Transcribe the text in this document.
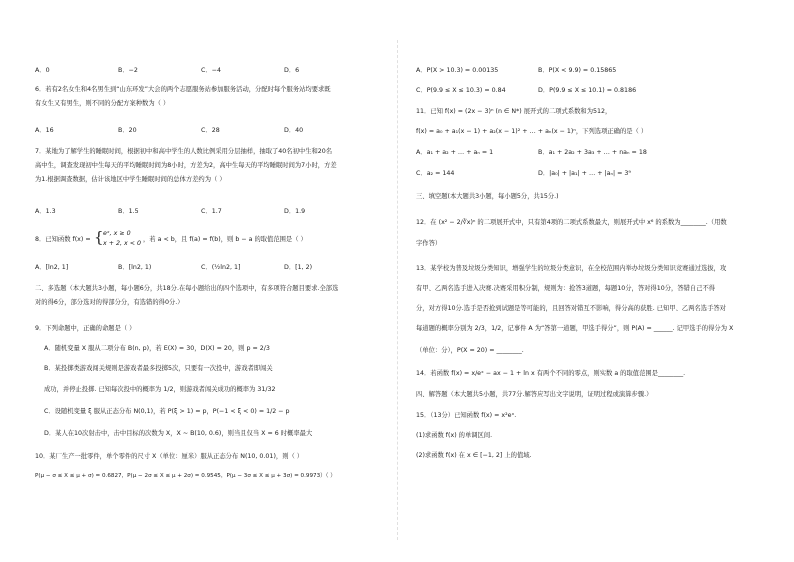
A．0	B．−2	C．−4	D．6
6．若有2名女生和4名男生到“山东环发”大会的两个志愿服务站参加服务活动，分配时每个服务站均要求既
有女生又有男生，则不同的分配方案种数为（ ）
A．16	B．20	C．28	D．40
7．某地为了解学生的睡眠时间，根据初中和高中学生的人数比例采用分层抽样，抽取了40名初中生和20名
高中生，调查发现初中生每天的平均睡眠时间为8小时，方差为2，高中生每天的平均睡眠时间为7小时，方差
为1.根据调查数据，估计该地区中学生睡眠时间的总体方差约为（ ）
A．1.3	B．1.5	C．1.7	D．1.9
8．已知函数 f(x) = { eˣ, x ≥ 0
x + 2, x < 0
，若 a < b，且 f(a) = f(b)，则 b − a 的取值范围是（ ）
A．[ln2, 1]	B．[ln2, 1)	C．(½ln2, 1]	D．[1, 2)
二、多选题（本大题共3小题，每小题6分，共18分.在每小题给出的四个选项中，有多项符合题目要求.全部选
对的得6分，部分选对的得部分分，有选错的得0分.）
9．下列命题中，正确的命题是（ ）
A．随机变量 X 服从二项分布 B(n, p)，若 E(X) = 30，D(X) = 20，则 p = 2/3
B．某投掷类游戏闯关规则是游戏者最多投掷5次，只要有一次投中，游戏者即闯关
成功，并停止投掷. 已知每次投中的概率为 1/2，则游戏者闯关成功的概率为 31/32
C．设随机变量 ξ 服从正态分布 N(0,1)，若 P(ξ > 1) = p，P(−1 < ξ < 0) = 1/2 − p
D．某人在10次射击中，击中目标的次数为 X，X ~ B(10, 0.6)，则当且仅当 X = 6 时概率最大
10．某厂生产一批零件，单个零件的尺寸 X（单位：厘米）服从正态分布 N(10, 0.01)，则（ ）
P(μ − σ ≤ X ≤ μ + σ) = 0.6827，P(μ − 2σ ≤ X ≤ μ + 2σ) = 0.9545，P(μ − 3σ ≤ X ≤ μ + 3σ) = 0.9973）（ ）
A．P(X > 10.3) = 0.00135	B．P(X < 9.9) = 0.15865
C．P(9.9 ≤ X ≤ 10.3) = 0.84	D．P(9.9 ≤ X ≤ 10.1) = 0.8186
11．已知 f(x) = (2x − 3)ⁿ (n ∈ N*) 展开式的二项式系数和为512，
f(x) = a₀ + a₁(x − 1) + a₂(x − 1)² + … + aₙ(x − 1)ⁿ，下列选项正确的是（ ）
A．a₁ + a₂ + … + aₙ = 1	B．a₁ + 2a₂ + 3a₃ + … + naₙ = 18
C．a₂ = 144	D．|a₀| + |a₁| + … + |aₙ| = 3⁹
三、填空题(本大题共3小题，每小题5分，共15分.)
12．在 (x² − 2/∛x)ⁿ 的二项展开式中，只有第4项的二项式系数最大，则展开式中 x⁶ 的系数为________.（用数
字作答）
13．某学校为普及垃圾分类知识，增强学生的垃圾分类意识，在全校范围内举办垃圾分类知识竞赛通过选拔，攻
有甲、乙两名选手进入决赛.决赛采用积分制，规则为：抢答3道题，每题10分，答对得10分，答错自己不得
分，对方得10分.选手是否抢到试题是等可能的，且回答对错互不影响，得分高的获胜. 已知甲、乙两名选手答对
每道题的概率分别为 2/3，1/2，记事件 A 为“答第一道题，甲选手得分”，则 P(A) = ______. 记甲选手的得分为 X
（单位：分），P(X = 20) = ________.
14．若函数 f(x) = x/eˣ − ax − 1 + ln x 有两个不同的零点，则实数 a 的取值范围是________.
四、解答题（本大题共5小题，共77分.解答应写出文字说明，证明过程或演算步骤.）
15．（13分）已知函数 f(x) = x²eˣ.
(1)求函数 f(x) 的单调区间.
(2)求函数 f(x) 在 x ∈ [−1, 2] 上的值域.
